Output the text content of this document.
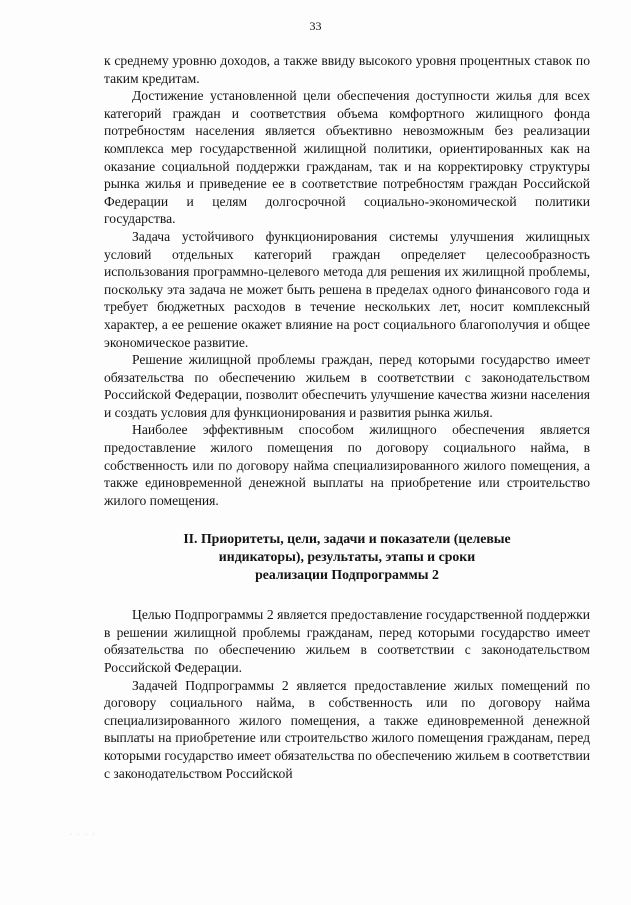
33

к среднему уровню доходов, а также ввиду высокого уровня процентных ставок по таким кредитам.

Достижение установленной цели обеспечения доступности жилья для всех категорий граждан и соответствия объема комфортного жилищного фонда потребностям населения является объективно невозможным без реализации комплекса мер государственной жилищной политики, ориентированных как на оказание социальной поддержки гражданам, так и на корректировку структуры рынка жилья и приведение ее в соответствие потребностям граждан Российской Федерации и целям долгосрочной социально-экономической политики государства.

Задача устойчивого функционирования системы улучшения жилищных условий отдельных категорий граждан определяет целесообразность использования программно-целевого метода для решения их жилищной проблемы, поскольку эта задача не может быть решена в пределах одного финансового года и требует бюджетных расходов в течение нескольких лет, носит комплексный характер, а ее решение окажет влияние на рост социального благополучия и общее экономическое развитие.

Решение жилищной проблемы граждан, перед которыми государство имеет обязательства по обеспечению жильем в соответствии с законодательством Российской Федерации, позволит обеспечить улучшение качества жизни населения и создать условия для функционирования и развития рынка жилья.

Наиболее эффективным способом жилищного обеспечения является предоставление жилого помещения по договору социального найма, в собственность или по договору найма специализированного жилого помещения, а также единовременной денежной выплаты на приобретение или строительство жилого помещения.

II. Приоритеты, цели, задачи и показатели (целевые
индикаторы), результаты, этапы и сроки
реализации Подпрограммы 2

Целью Подпрограммы 2 является предоставление государственной поддержки в решении жилищной проблемы гражданам, перед которыми государство имеет обязательства по обеспечению жильем в соответствии с законодательством Российской Федерации.

Задачей Подпрограммы 2 является предоставление жилых помещений по договору социального найма, в собственность или по договору найма специализированного жилого помещения, а также единовременной денежной выплаты на приобретение или строительство жилого помещения гражданам, перед которыми государство имеет обязательства по обеспечению жильем в соответствии с законодательством Российской

· · · ·
